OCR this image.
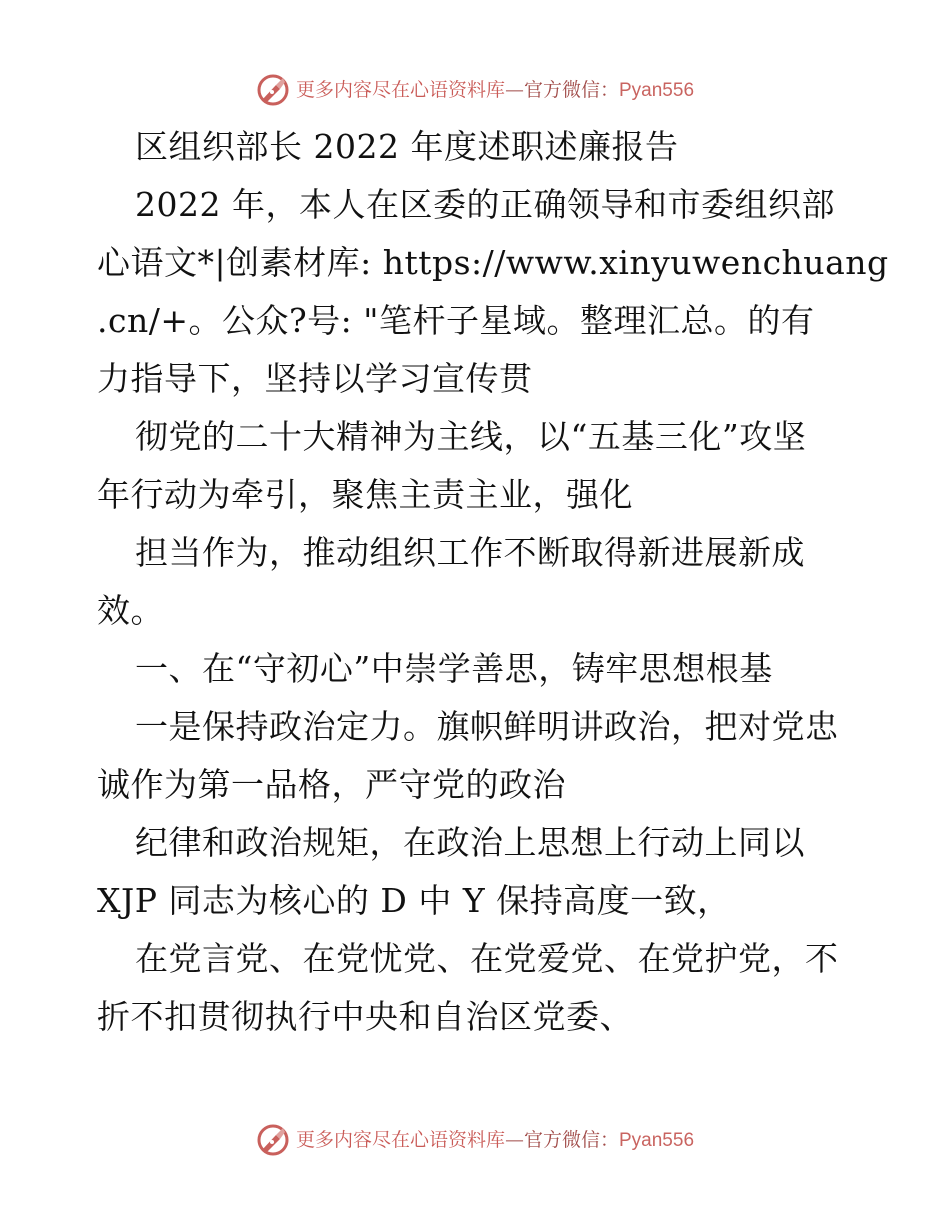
更多内容尽在心语资料库—官方微信：Pyan556
区组织部长 2022 年度述职述廉报告
2022 年，本人在区委的正确领导和市委组织部
心语文*|创素材库: https://www.xinyuwenchuang
.cn/+。公众?号: "笔杆子星域。整理汇总。的有
力指导下，坚持以学习宣传贯
彻党的二十大精神为主线，以“五基三化”攻坚
年行动为牵引，聚焦主责主业，强化
担当作为，推动组织工作不断取得新进展新成
效。
一、在“守初心”中崇学善思，铸牢思想根基
一是保持政治定力。旗帜鲜明讲政治，把对党忠
诚作为第一品格，严守党的政治
纪律和政治规矩，在政治上思想上行动上同以
XJP 同志为核心的 D 中 Y 保持高度一致，
在党言党、在党忧党、在党爱党、在党护党，不
折不扣贯彻执行中央和自治区党委、
更多内容尽在心语资料库—官方微信：Pyan556
